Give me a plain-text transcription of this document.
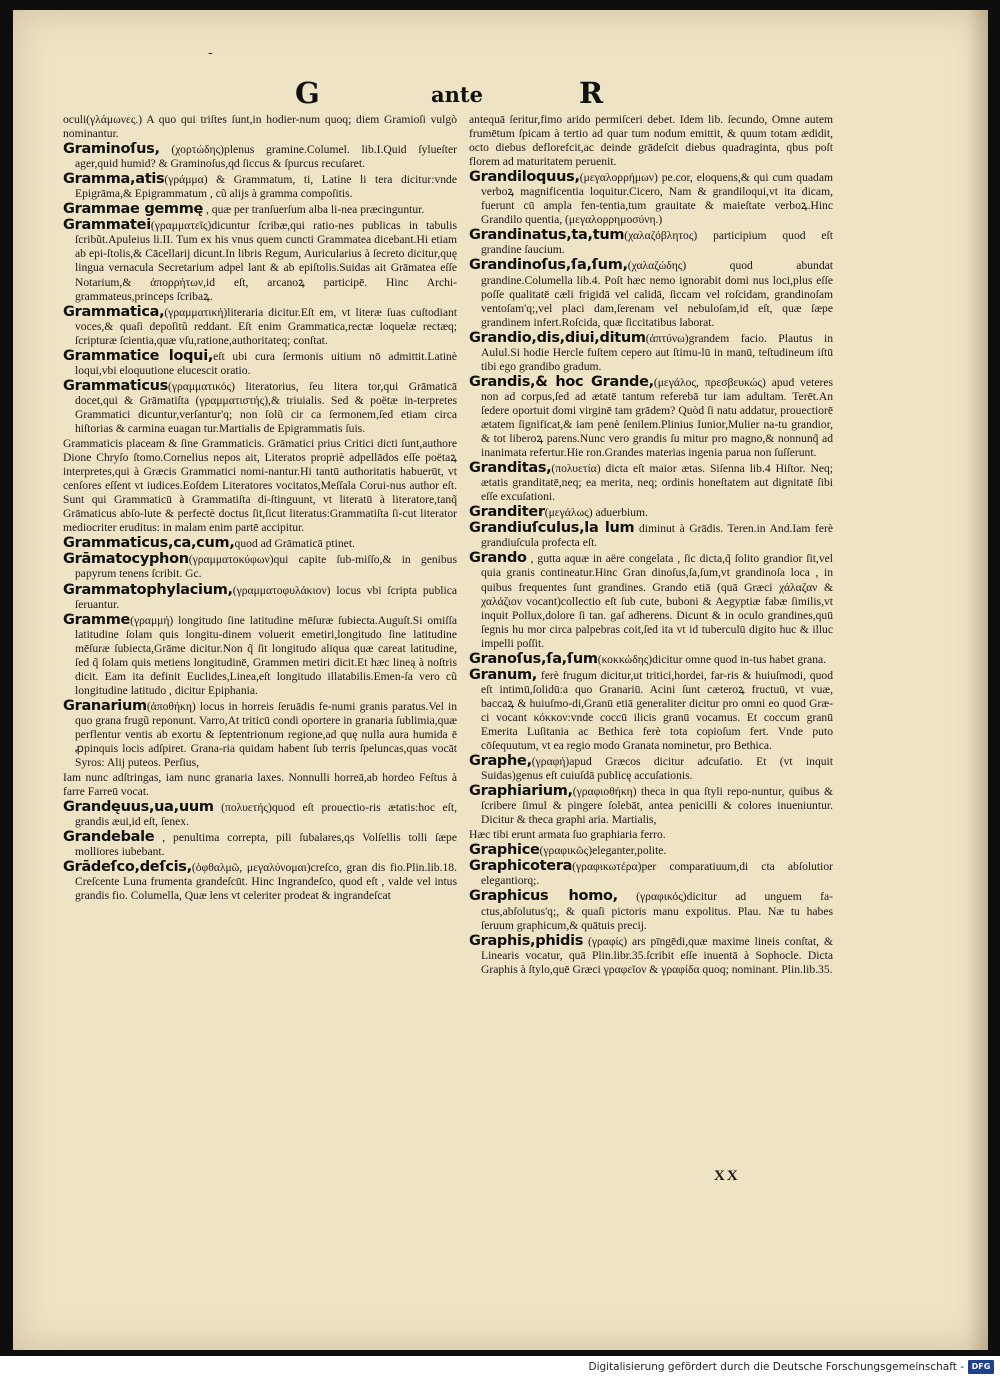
-
G	ante	R

oculi(γλάμωνες.) A quo qui triſtes ſunt,in hodier-num quoq; diem Gramioſi vulgò nominantur.

Graminoſus, (χορτώδης)plenus gramine.Columel. lib.I.Quid ſylueſter ager,quid humid? & Graminoſus,qd ſiccus & ſpurcus recuſaret.

Gramma,atis(γράμμα) & Grammatum, ti, Latine li tera dicitur:vnde Epigrāma,& Epigrammatum , cũ alijs à gramma compoſitis.

Grammae gemmę , quæ per tranſuerſum alba li-nea præcinguntur.

Grammatei(γραμματεῖς)dicuntur ſcribæ,qui ratio-nes publicas in tabulis ſcribũt.Apuleius li.II. Tum ex his vnus quem cuncti Grammatea dicebant.Hi etiam ab epi-ſtolis,& Cācellarij dicunt.In libris Regum, Auricularius à ſecreto dicitur,quę lingua vernacula Secretarium adpel lant & ab epiſtolis.Suidas ait Grāmatea eſſe Notarium,& ἀπορρήτων,id eſt, arcanoꝝ participē. Hinc Archi-grammateus,princeps ſcribaꝝ.

Grammatica,(γραμματική)literaria dicitur.Eſt em, vt literæ ſuas cuſtodiant voces,& quaſi depoſitũ reddant. Eſt enim Grammatica,rectæ loquelæ rectæq; ſcripturæ ſcientia,quæ vſu,ratione,authoritateq; conſtat.

Grammatice loqui,eſt ubi cura ſermonis uitium nō admittit.Latinè loqui,vbi eloquutione elucescit oratio.

Grammaticus(γραμματικός) literatorius, ſeu litera tor,qui Grāmaticā docet,qui & Grāmatiſta (γραμματιστής),& triuialis. Sed & poëtæ in-terpretes Grammatici dicuntur,verſantur'q; non ſolũ cir ca ſermonem,ſed etiam circa hiſtorias & carmina euagan tur.Martialis de Epigrammatis ſuis.

Grammaticis placeam & ſine Grammaticis. Grāmatici prius Critici dicti ſunt,authore Dione Chryſo ſtomo.Cornelius nepos ait, Literatos propriè adpellādos eſſe poëtaꝝ interpretes,qui à Græcis Grammatici nomi-nantur.Hi tantū authoritatis habuerūt, vt cenſores eſſent vt iudices.Eoſdem Literatores vocitatos,Meſſala Corui-nus author eſt. Sunt qui Grammaticū à Grammatiſta di-ſtinguunt, vt literatū à literatore,tanq̃ Grāmaticus abſo-lute & perfectè doctus ſit,ſicut literatus:Grammatiſta ſi-cut literator mediocriter eruditus: in malam enim partē accipitur.

Grammaticus,ca,cum,quod ad Grāmaticā ptinet.

Grāmatocyphon(γραμματοκύφων)qui capite ſub-miſſo,& in genibus papyrum tenens ſcribit. Gc.

Grammatophylacium,(γραμματοφυλάκιον) locus vbi ſcripta publica ſeruantur.

Gramme(γραμμή) longitudo ſine latitudine mēſuræ ſubiecta.Auguſt.Si omiſſa latitudine ſolam quis longitu-dinem voluerit emetiri,longitudo ſine latitudine mēſuræ ſubiecta,Grāme dicitur.Non q̃ ſit longitudo aliqua quæ careat latitudine, ſed q̃ ſolam quis metiens longitudinē, Grammen metiri dicit.Et hæc lineą à noſtris dicit. Eam ita definit Euclides,Linea,eſt longitudo illatabilis.Emen-ſa vero cũ longitudine latitudo , dicitur Epiphania.

Granarium(ἀποθήκη) locus in horreis ſeruādis fe-numi granis paratus.Vel in quo grana frugũ reponunt. Varro,At triticū condi oportere in granaria ſublimia,quæ perflentur ventis ab exortu & ſeptentrionum regione,ad quę nulla aura humida ē ꝓpinquis locis adſpiret. Grana-ria quidam habent ſub terris ſpeluncas,quas vocāt Syros: Alij puteos. Perſius,

Iam nunc adſtringas, iam nunc granaria laxes. Nonnulli horreā,ab hordeo Feſtus à farre Farreū vocat.

Grandęuus,ua,uum (πολυετής)quod eſt prouectio-ris ætatis:hoc eſt, grandis æui,id eſt, ſenex.

Grandebale , penultima correpta, pili ſubalares,qs Volſellis tolli ſæpe molliores iubebant.

Grādeſco,deſcis,(ὀφθαλμῶ, μεγαλύνομαι)creſco, gran dis fio.Plin.lib.18. Creſcente Luna frumenta grandeſcūt. Hinc Ingrandeſco, quod eſt , valde vel intus grandis fio. Columella, Quæ lens vt celeriter prodeat & ingrandeſcat

antequā ſeritur,fimo arido permiſceri debet. Idem lib. ſecundo, Omne autem frumētum ſpicam à tertio ad quar tum nodum emittit, & quum totam ædidit, octo diebus deflorefcit,ac deinde grādeſcit diebus quadraginta, qbus poſt florem ad maturitatem peruenit.

Grandiloquus,(μεγαλορρήμων) pe.cor, eloquens,& qui cum quadam verboꝝ magnificentia loquitur.Cicero, Nam & grandiloqui,vt ita dicam, fuerunt cū ampla fen-tentia,tum grauitate & maieſtate verboꝝ.Hinc Grandilo quentia, (μεγαλορρημοσύνη.)

Grandinatus,ta,tum(χαλαζόβλητος) participium quod eſt grandine ſaucium.

Grandinoſus,ſa,ſum,(χαλαζώδης) quod abundat grandine.Columella lib.4. Poſt hæc nemo ignorabit domi nus loci,plus eſſe poſſe qualitatē cæli frigidā vel calidā, ſiccam vel roſcidam, grandinoſam ventoſam'q;,vel placi dam,ſerenam vel nebuloſam,id eſt, quæ ſæpe grandinem infert.Roſcida, quæ ſiccitatibus laborat.

Grandio,dis,diui,ditum(ἁπτύνω)grandem facio. Plautus in Aulul.Si hodie Hercle fuſtem cepero aut ſtimu-lū in manū, teſtudineum iſtū tibi ego grandibo gradum.

Grandis,& hoc Grande,(μεγάλος, πρεσβευκώς) apud veteres non ad corpus,ſed ad ætatē tantum referebā tur iam adultam. Terēt.An ſedere oportuit domi virginē tam grādem? Quòd ſi natu addatur, prouectiorē ætatem ſignificat,& iam penè ſenilem.Plinius Iunior,Mulier na-tu grandior, & tot liberoꝝ parens.Nunc vero grandis ſu mitur pro magno,& nonnunq̃ ad inanimata refertur.Hie ron.Grandes materias ingenia parua non ſuſſerunt.

Granditas,(πολυετία) dicta eſt maior ætas. Siſenna lib.4 Hiſtor. Neq; ætatis granditatē,neq; ea merita, neq; ordinis honeſtatem aut dignitatē ſibi eſſe excuſationi.

Granditer(μεγάλως) aduerbium.

Grandiuſculus,la lum diminut à Grādis. Teren.in And.Iam ferè grandiuſcula profecta eſt.

Grando , gutta aquæ in aëre congelata , ſic dicta,q̃ ſolito grandior ſit,vel quia granis contineatur.Hinc Gran dinoſus,ſa,ſum,vt grandinoſa loca , in quibus frequentes ſunt grandines. Grando etiā (quā Græci χάλαζαν & χαλάζιον vocant)collectio eſt ſub cute, buboni & Aegyptiæ fabæ ſimilis,vt inquit Pollux,dolore ſi tan. gaſ adherens. Dicunt & in oculo grandines,quū ſegnis hu mor circa palpebras coit,ſed ita vt id tuberculū digito huc & illuc impelli poſſit.

Granoſus,ſa,ſum(κοκκώδης)dicitur omne quod in-tus habet grana.

Granum, ferè frugum dicitur,ut tritici,hordei, far-ris & huiuſmodi, quod eſt intimū,ſolidū:a quo Granariū. Acini ſunt cæteroꝝ fructuū, vt vuæ, baccaꝝ & huiuſmo-di,Granū etiā generaliter dicitur pro omni eo quod Græ-ci vocant κόκκον:vnde coccū ilicis granū vocamus. Et coccum granū Emerita Luſitania ac Bethica ferè tota copioſum fert. Vnde puto cōſequutum, vt ea regio modo Granata nominetur, pro Bethica.

Graphe,(γραφή)apud Græcos dicitur adcuſatio. Et (vt inquit Suidas)genus eſt cuiuſdā publicę accuſationis.

Graphiarium,(γραφιοθήκη) theca in qua ſtyli repo-nuntur, quibus & ſcribere ſimul & pingere ſolebāt, antea penicilli & colores inueniuntur. Dicitur & theca graphi aria. Martialis,

Hæc tibi erunt armata ſuo graphiaria ferro.

Graphice(γραφικῶς)eleganter,polite.

Graphicotera(γραφικωτέρα)per comparatiuum,di cta abſolutior elegantiorq;.

Graphicus homo, (γραφικός)dicitur ad unguem fa-ctus,abſolutus'q;, & quaſi pictoris manu expolitus. Plau. Næ tu habes ſeruum graphicum,& quātuis precij.

Graphis,phidis (γραφίς) ars pīngēdi,quæ maxime lineis conſtat, & Linearis vocatur, quā Plin.libr.35.ſcribit eſſe inuentā à Sophocle. Dicta Graphis à ſtylo,quē Græci γραφεῖον & γραφίδα quoq; nominant. Plin.lib.35.

XX
Digitalisierung gefördert durch die Deutsche Forschungsgemeinschaft - DFG
